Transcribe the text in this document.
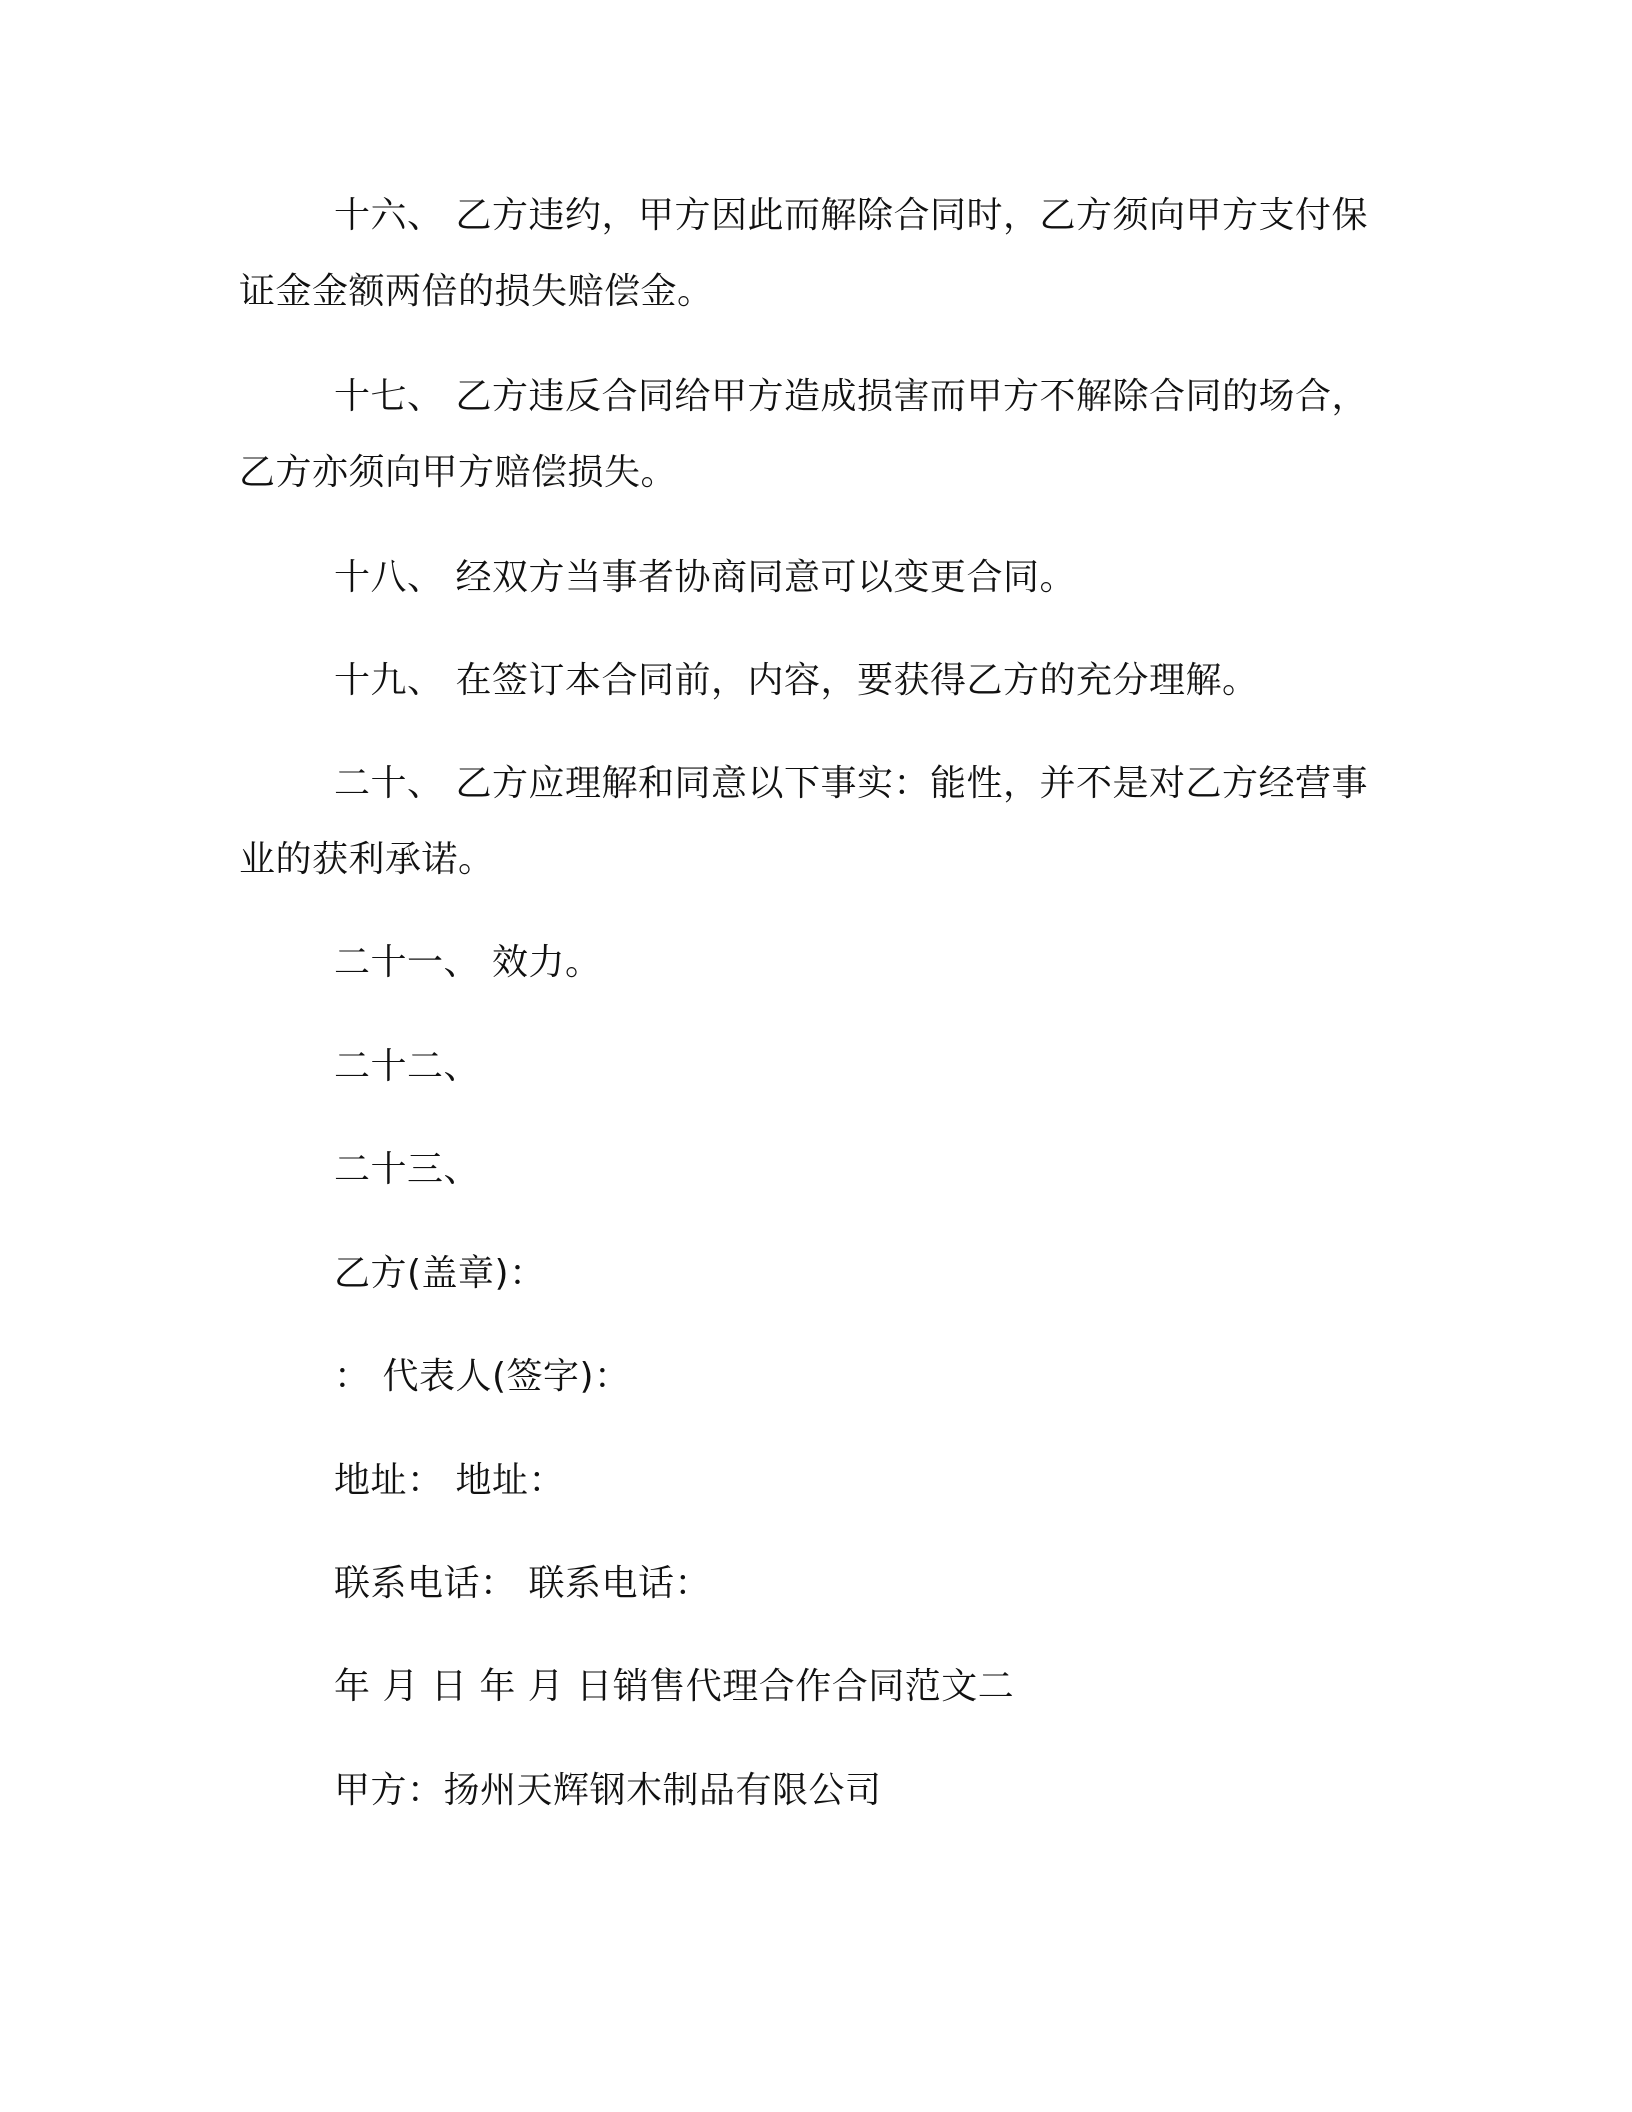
十六、 乙方违约，甲方因此而解除合同时，乙方须向甲方支付保证金金额两倍的损失赔偿金。

十七、 乙方违反合同给甲方造成损害而甲方不解除合同的场合，乙方亦须向甲方赔偿损失。

十八、 经双方当事者协商同意可以变更合同。

十九、 在签订本合同前，内容，要获得乙方的充分理解。

二十、 乙方应理解和同意以下事实：能性，并不是对乙方经营事业的获利承诺。

二十一、 效力。

二十二、

二十三、

乙方(盖章)：

： 代表人(签字)：

地址： 地址：

联系电话： 联系电话：

年 月 日 年 月 日销售代理合作合同范文二

甲方：扬州天辉钢木制品有限公司
